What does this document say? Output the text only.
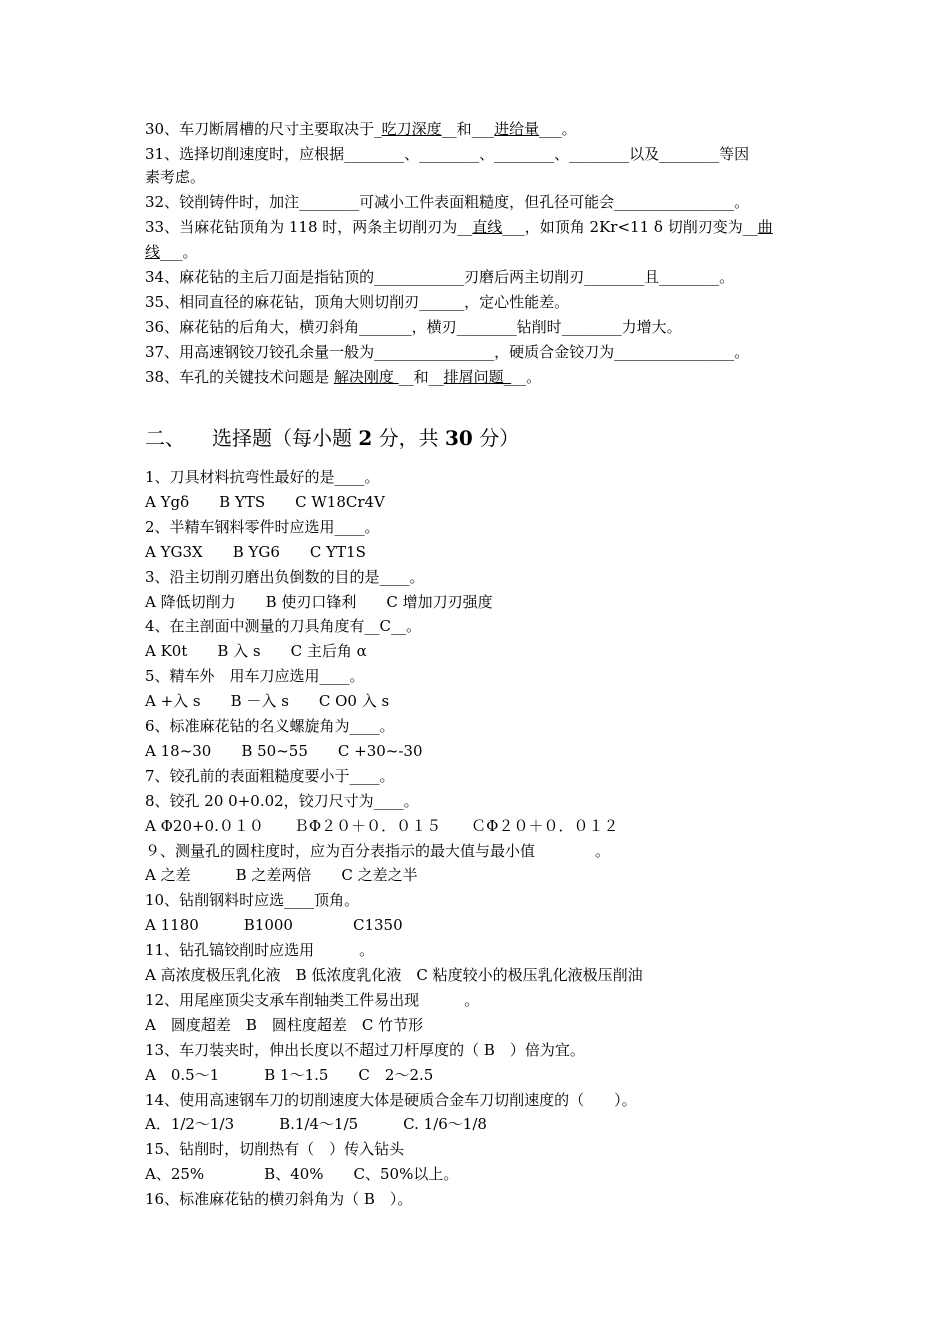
30、车刀断屑槽的尺寸主要取决于_吃刀深度__和___进给量___。
31、选择切削速度时，应根据________、________、________、________以及________等因
素考虑。
32、铰削铸件时，加注________可减小工件表面粗糙度，但孔径可能会________________。
33、当麻花钻顶角为 118 时，两条主切削刃为__直线___，如顶角 2Kr<11 δ 切削刃变为__曲
线___。
34、麻花钻的主后刀面是指钻顶的____________刃磨后两主切削刃________且________。
35、相同直径的麻花钻，顶角大则切削刃______，定心性能差。
36、麻花钻的后角大，横刃斜角_______，横刃________钻削时________力增大。
37、用高速钢铰刀铰孔余量一般为________________，硬质合金铰刀为________________。
38、车孔的关键技术问题是 解决刚度 __和__排屑问题___。
二、 选择题（每小题 2 分，共 30 分）
1、刀具材料抗弯性最好的是____。
A Ygδ　　B YTS　　C W18Cr4V
2、半精车钢料零件时应选用____。
A YG3X　　B YG6　　C YT1S
3、沿主切削刃磨出负倒数的目的是____。
A 降低切削力　　B 使刃口锋利　　C 增加刀刃强度
4、在主剖面中测量的刀具角度有__C__。
A K0t　　B 入 s　　C 主后角 α
5、精车外　用车刀应选用____。
A +入 s　　B －入 s　　C O0 入 s
6、标准麻花钻的名义螺旋角为____。
A 18~30　　B 50~55　　C +30~-30
7、铰孔前的表面粗糙度要小于____。
8、铰孔 20 0+0.02，铰刀尺寸为____。
A Φ20+0.０１０　　ＢΦ２０＋０．０１５　　ＣΦ２０＋０．０１２
９、测量孔的圆柱度时，应为百分表指示的最大值与最小值　　　　。
A 之差　　　B 之差两倍　　C 之差之半
10、钻削钢料时应选____顶角。
A 1180　　　B1000　　　　C1350
11、钻孔镐铰削时应选用　　　。
A 高浓度极压乳化液　B 低浓度乳化液　C 粘度较小的极压乳化液极压削油
12、用尾座顶尖支承车削轴类工件易出现　　　。
A　圆度超差　B　圆柱度超差　C 竹节形
13、车刀装夹时，伸出长度以不超过刀杆厚度的（ B　）倍为宜。
A　0.5～1　　　B 1～1.5　　C　2～2.5
14、使用高速钢车刀的切削速度大体是硬质合金车刀切削速度的（　　）。
A．1/2～1/3　　　B.1/4～1/5　　　C. 1/6～1/8
15、钻削时，切削热有（　）传入钻头
A、25%　　　　B、40%　　C、50%以上。
16、标准麻花钻的横刃斜角为（ B　）。
